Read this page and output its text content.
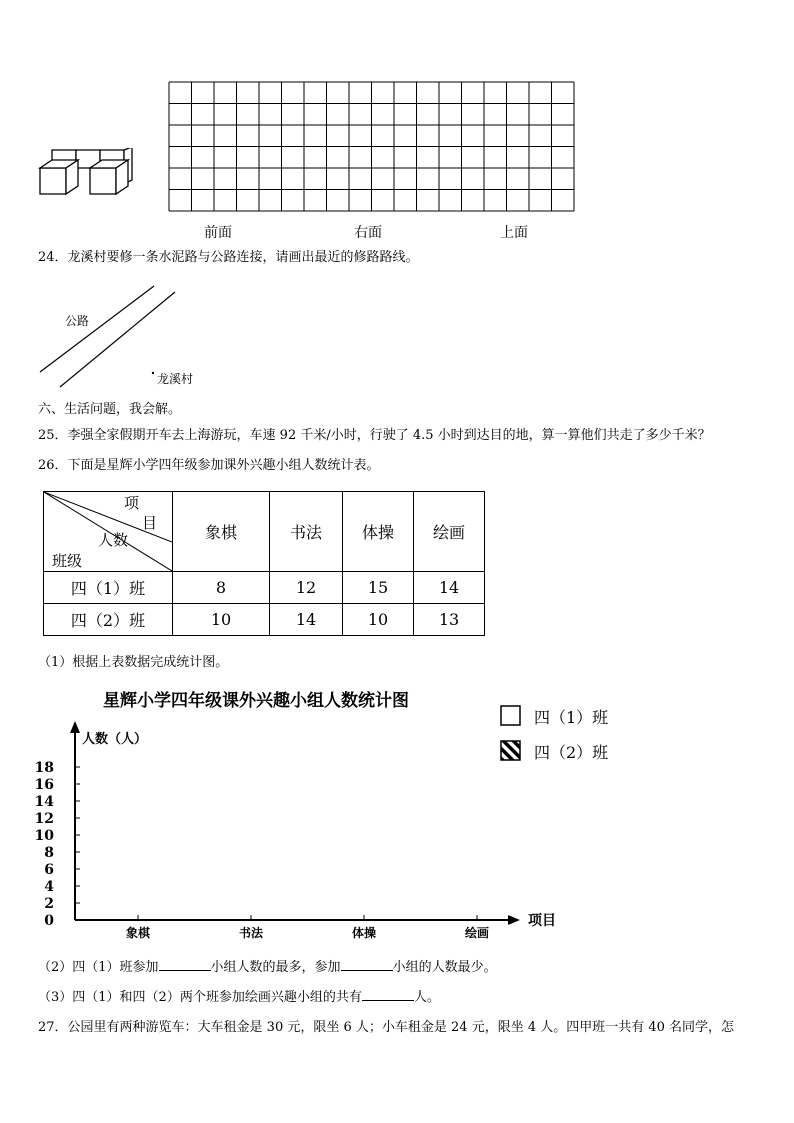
前面	右面	上面
24．龙溪村要修一条水泥路与公路连接，请画出最近的修路路线。
公路
龙溪村
六、生活问题，我会解。
25．李强全家假期开车去上海游玩，车速 92 千米/小时，行驶了 4.5 小时到达目的地，算一算他们共走了多少千米？
26．下面是星辉小学四年级参加课外兴趣小组人数统计表。
项
目
人数
班级	象棋	书法	体操	绘画
四（1）班	8	12	15	14
四（2）班	10	14	10	13
（1）根据上表数据完成统计图。
星辉小学四年级课外兴趣小组人数统计图
人数（人）
项目
0
2
4
6
8
10
12
14
16
18
象棋	书法	体操	绘画
四（1）班
四（2）班
（2）四（1）班参加	小组人数的最多，参加	小组的人数最少。
（3）四（1）和四（2）两个班参加绘画兴趣小组的共有	人。
27．公园里有两种游览车：大车租金是 30 元，限坐 6 人；小车租金是 24 元，限坐 4 人。四甲班一共有 40 名同学，怎
